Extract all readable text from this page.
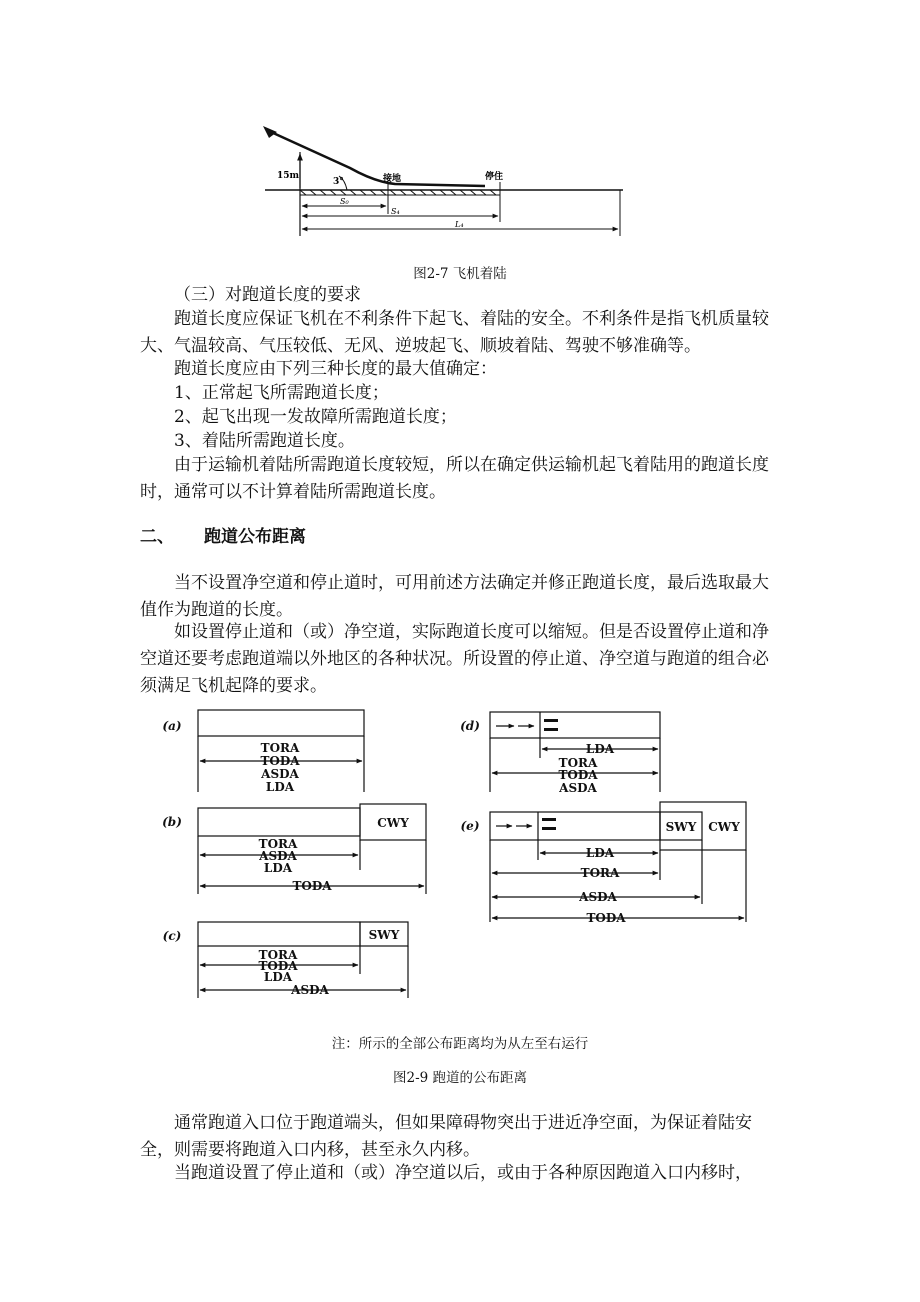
15m
3°	接地	停住
S₀
S₄
L₄
图2-7 飞机着陆
（三）对跑道长度的要求
跑道长度应保证飞机在不利条件下起飞、着陆的安全。不利条件是指飞机质量较大、气温较高、气压较低、无风、逆坡起飞、顺坡着陆、驾驶不够准确等。
跑道长度应由下列三种长度的最大值确定：
1、正常起飞所需跑道长度；
2、起飞出现一发故障所需跑道长度；
3、着陆所需跑道长度。
由于运输机着陆所需跑道长度较短，所以在确定供运输机起飞着陆用的跑道长度时，通常可以不计算着陆所需跑道长度。
二、 跑道公布距离
当不设置净空道和停止道时，可用前述方法确定并修正跑道长度，最后选取最大值作为跑道的长度。
如设置停止道和（或）净空道，实际跑道长度可以缩短。但是否设置停止道和净空道还要考虑跑道端以外地区的各种状况。所设置的停止道、净空道与跑道的组合必须满足飞机起降的要求。
(a)
(b)
(c)
(d)
(e)
TORA
TODA
ASDA
LDA
CWY
TORA
ASDA
LDA
TODA
SWY
TORA
TODA
LDA
ASDA
LDA
TORA
TODA
ASDA
SWY CWY
LDA
TORA
ASDA
TODA
注：所示的全部公布距离均为从左至右运行
图2-9 跑道的公布距离
通常跑道入口位于跑道端头，但如果障碍物突出于进近净空面，为保证着陆安全，则需要将跑道入口内移，甚至永久内移。
当跑道设置了停止道和（或）净空道以后，或由于各种原因跑道入口内移时，
